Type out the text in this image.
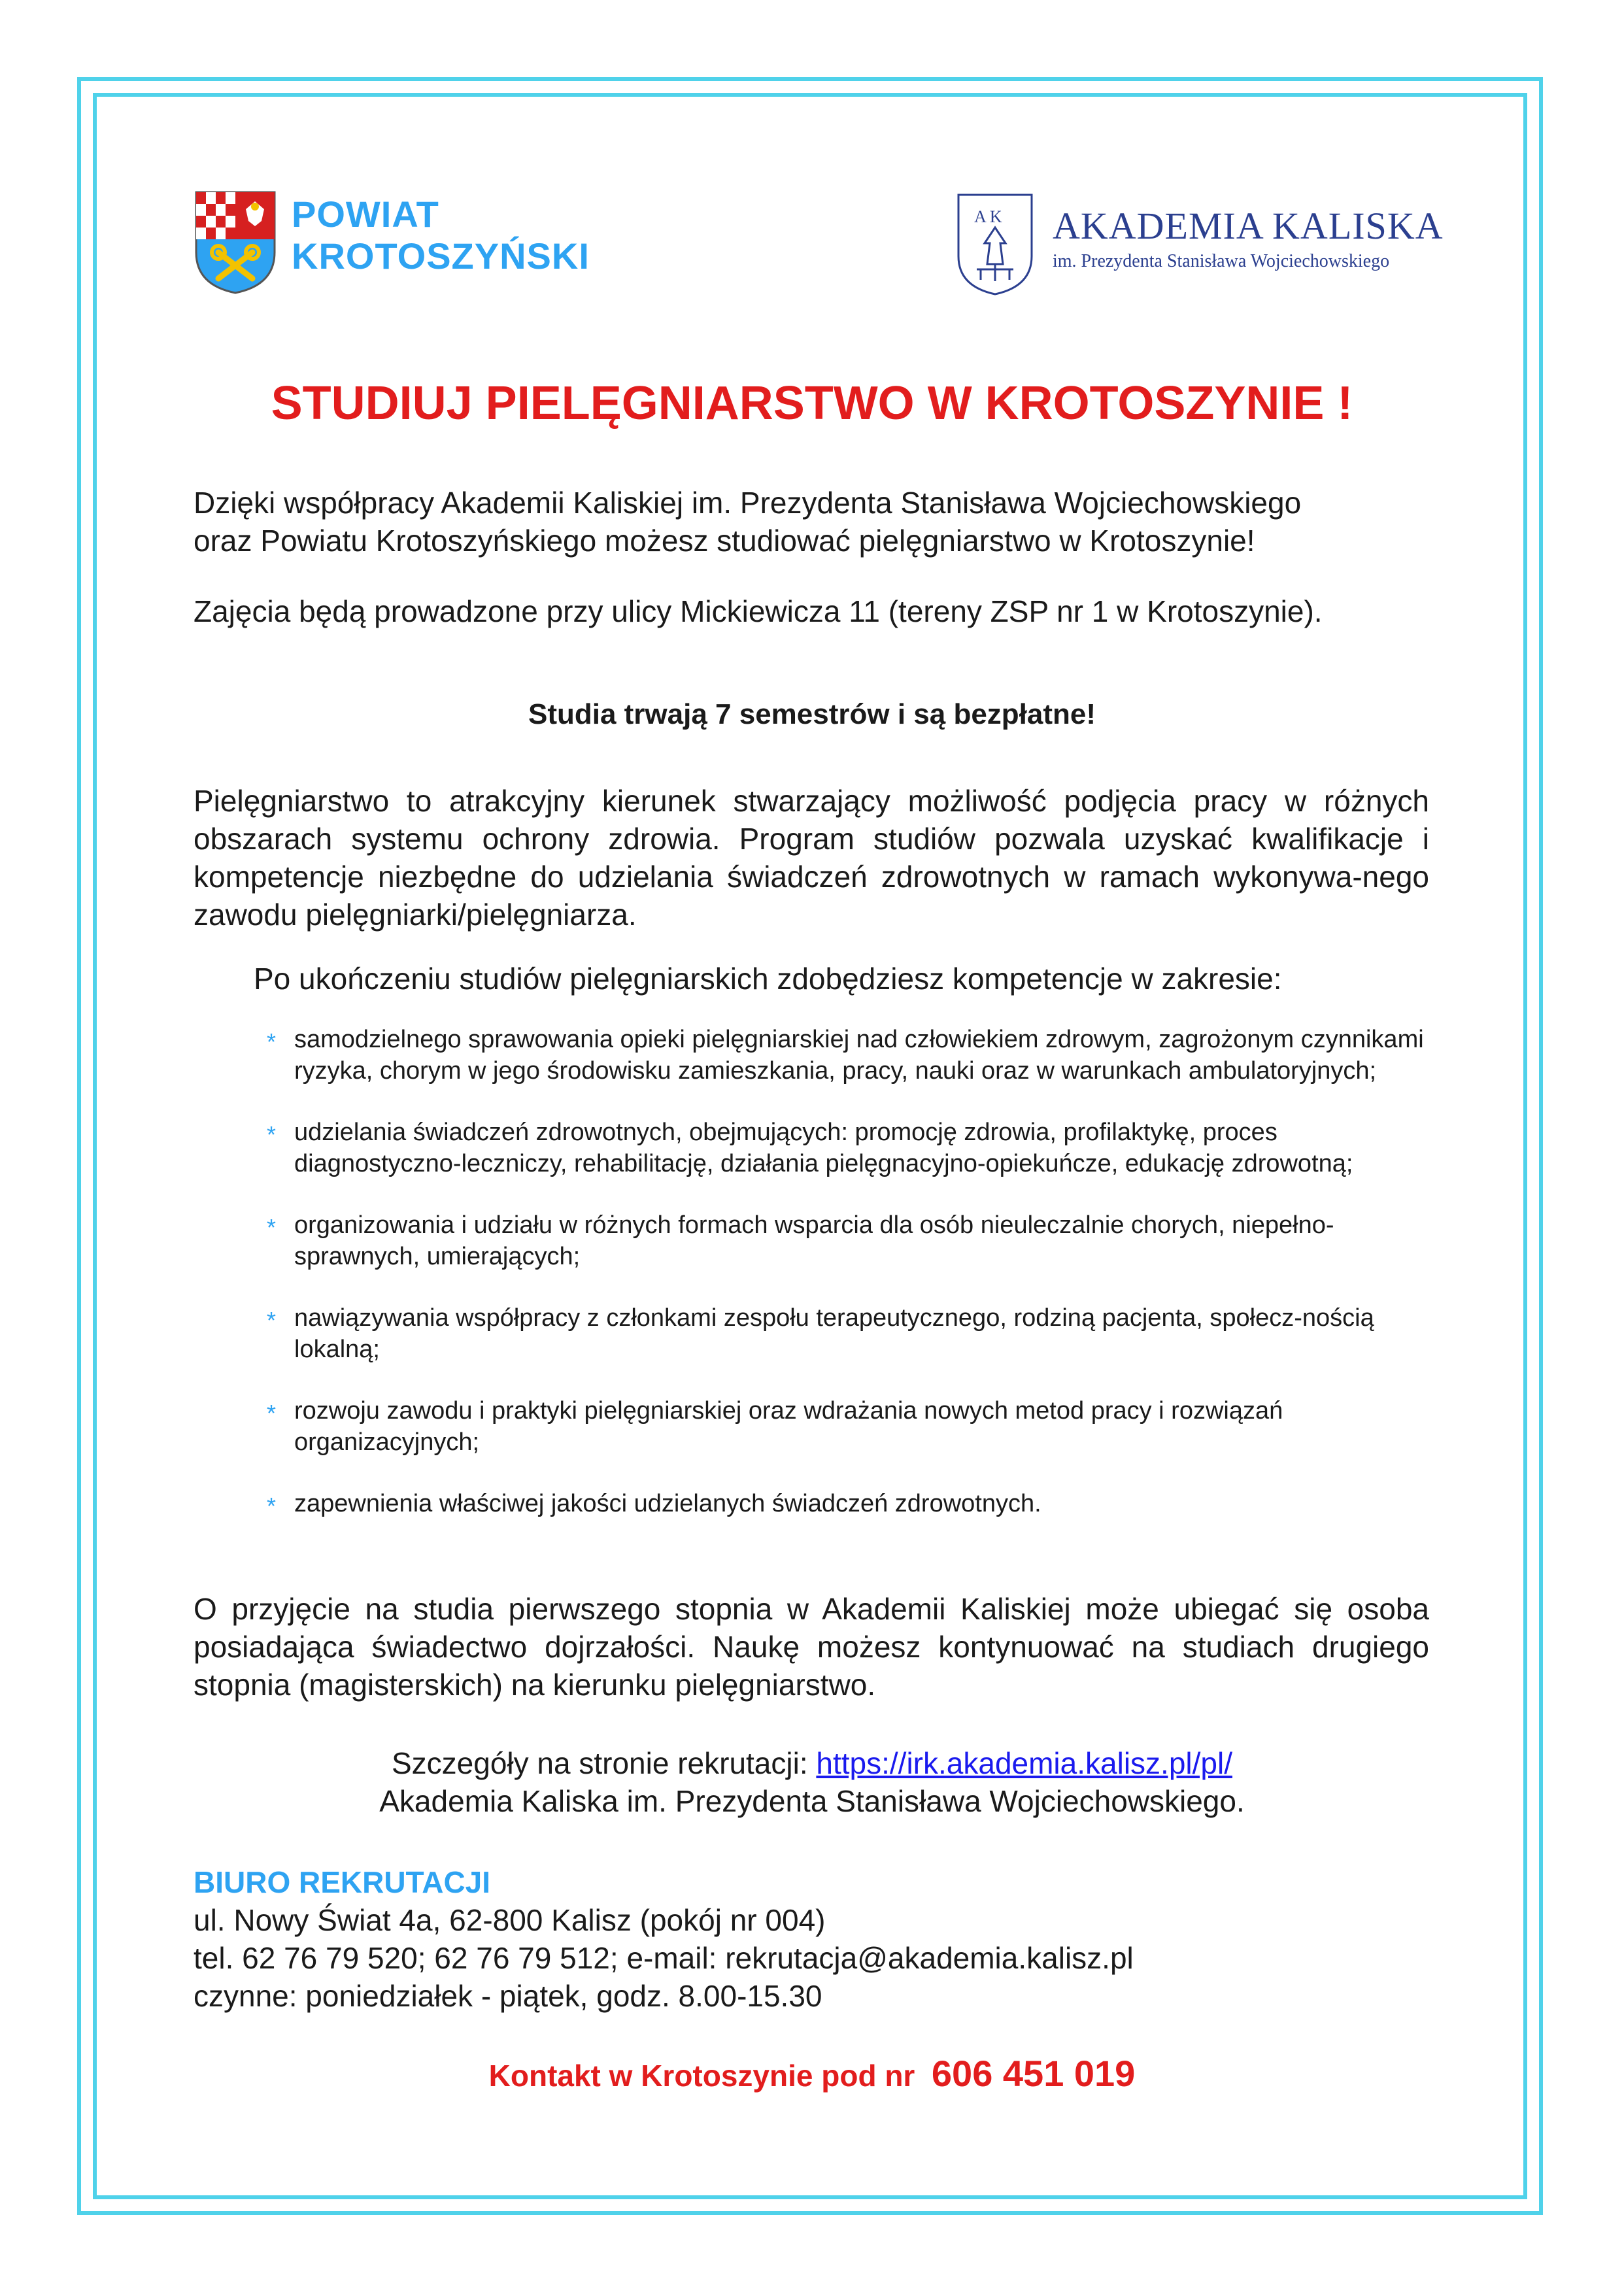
POWIAT
KROTOSZYŃSKI
A K AKADEMIA KALISKA
im. Prezydenta Stanisława Wojciechowskiego
STUDIUJ PIELĘGNIARSTWO W KROTOSZYNIE !

Dzięki współpracy Akademii Kaliskiej im. Prezydenta Stanisława Wojciechowskiego
oraz Powiatu Krotoszyńskiego możesz studiować pielęgniarstwo w Krotoszynie!

Zajęcia będą prowadzone przy ulicy Mickiewicza 11 (tereny ZSP nr 1 w Krotoszynie).

Studia trwają 7 semestrów i są bezpłatne!

Pielęgniarstwo to atrakcyjny kierunek stwarzający możliwość podjęcia pracy w różnych obszarach systemu ochrony zdrowia. Program studiów pozwala uzyskać kwalifikacje i kompetencje niezbędne do udzielania świadczeń zdrowotnych w ramach wykonywa-nego zawodu pielęgniarki/pielęgniarza.

Po ukończeniu studiów pielęgniarskich zdobędziesz kompetencje w zakresie:

* samodzielnego sprawowania opieki pielęgniarskiej nad człowiekiem zdrowym, zagrożonym czynnikami ryzyka, chorym w jego środowisku zamieszkania, pracy, nauki oraz w warunkach ambulatoryjnych;
* udzielania świadczeń zdrowotnych, obejmujących: promocję zdrowia, profilaktykę, proces diagnostyczno-leczniczy, rehabilitację, działania pielęgnacyjno-opiekuńcze, edukację zdrowotną;
* organizowania i udziału w różnych formach wsparcia dla osób nieuleczalnie chorych, niepełno-sprawnych, umierających;
* nawiązywania współpracy z członkami zespołu terapeutycznego, rodziną pacjenta, społecz-nością lokalną;
* rozwoju zawodu i praktyki pielęgniarskiej oraz wdrażania nowych metod pracy i rozwiązań organizacyjnych;
* zapewnienia właściwej jakości udzielanych świadczeń zdrowotnych.

O przyjęcie na studia pierwszego stopnia w Akademii Kaliskiej może ubiegać się osoba posiadająca świadectwo dojrzałości. Naukę możesz kontynuować na studiach drugiego stopnia (magisterskich) na kierunku pielęgniarstwo.

Szczegóły na stronie rekrutacji: https://irk.akademia.kalisz.pl/pl/
Akademia Kaliska im. Prezydenta Stanisława Wojciechowskiego.

BIURO REKRUTACJI
ul. Nowy Świat 4a, 62-800 Kalisz (pokój nr 004)
tel. 62 76 79 520; 62 76 79 512; e-mail: rekrutacja@akademia.kalisz.pl
czynne: poniedziałek - piątek, godz. 8.00-15.30

Kontakt w Krotoszynie pod nr 606 451 019
